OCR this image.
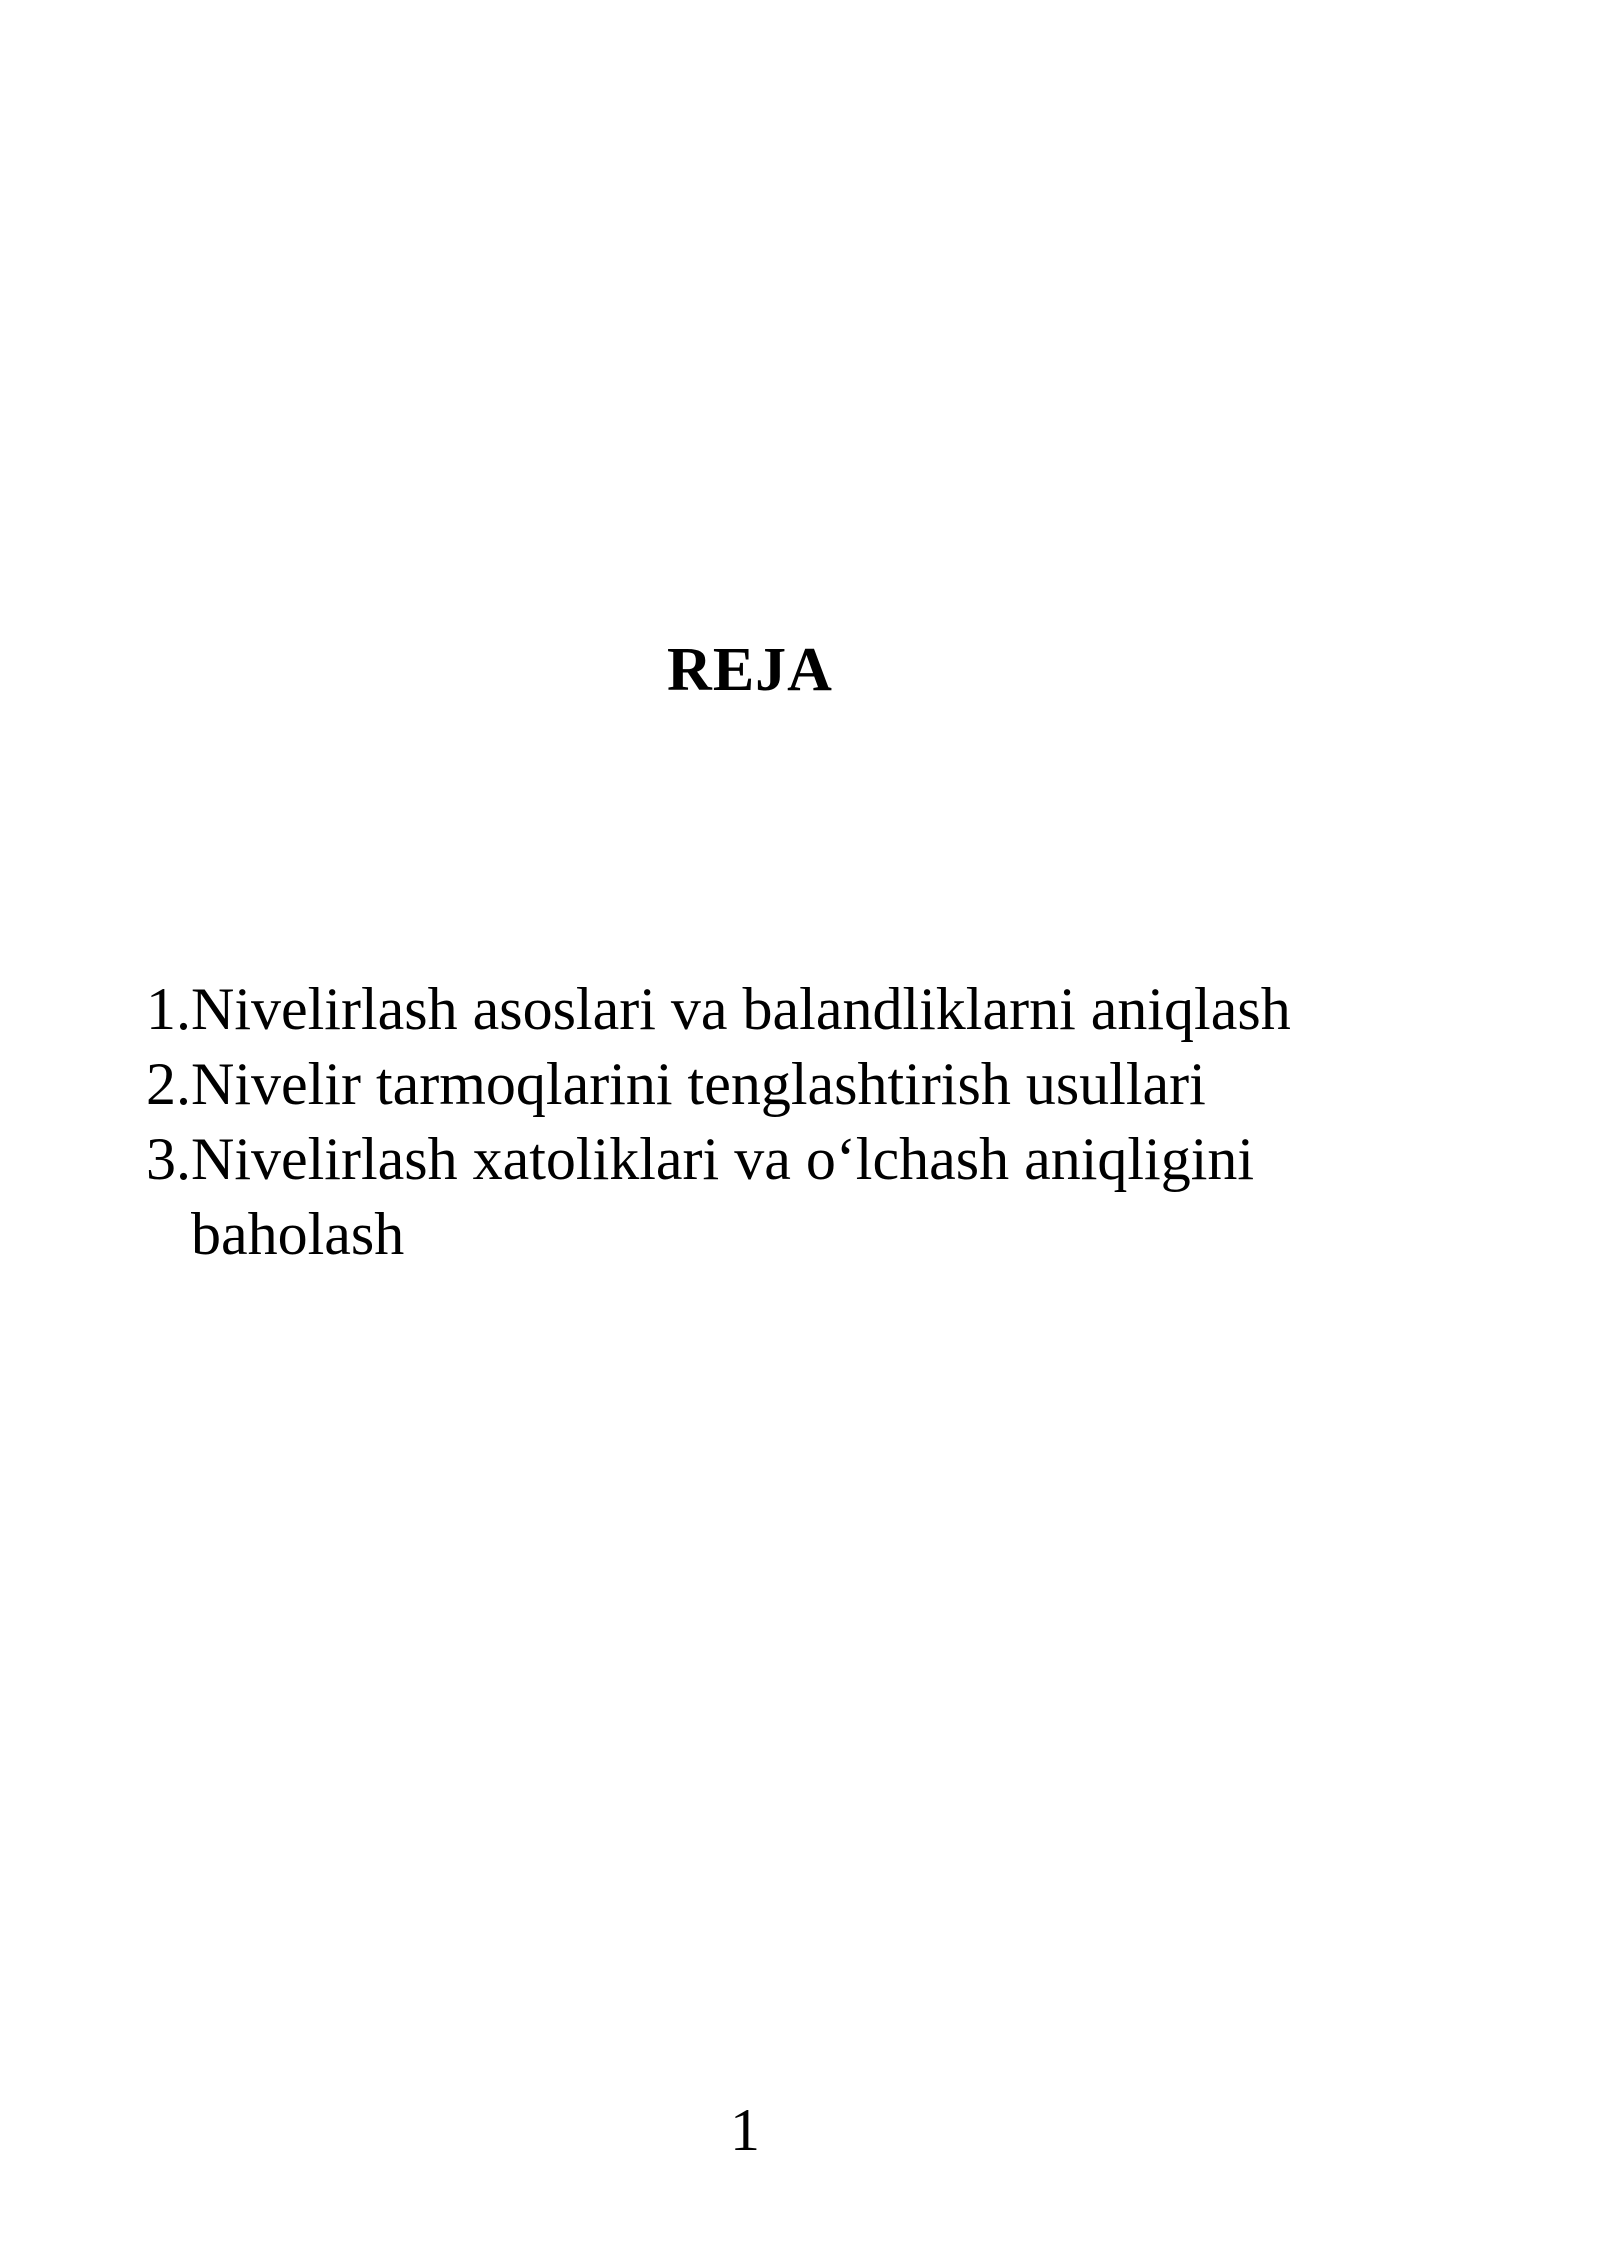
REJA
1. Nivelirlash asoslari va balandliklarni aniqlash
2. Nivelir tarmoqlarini tenglashtirish usullari
3. Nivelirlash xatoliklari va o‘lchash aniqligini baholash

1
